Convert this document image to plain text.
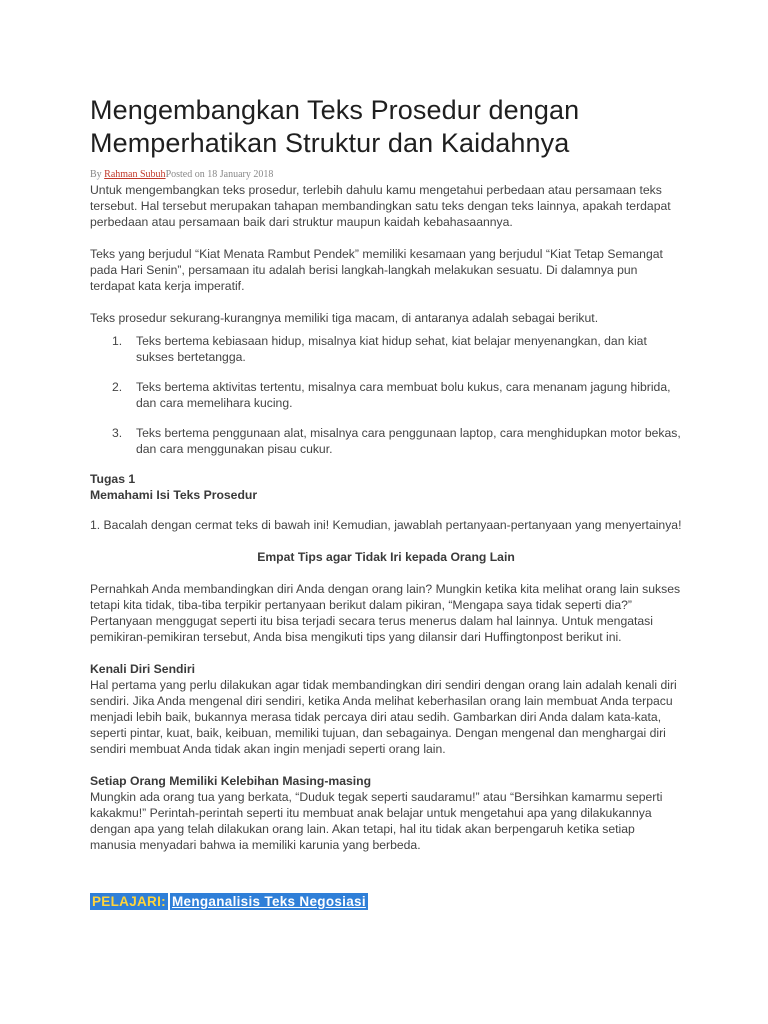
Mengembangkan Teks Prosedur dengan Memperhatikan Struktur dan Kaidahnya
By Rahman SubuhPosted on 18 January 2018

Untuk mengembangkan teks prosedur, terlebih dahulu kamu mengetahui perbedaan atau persamaan teks tersebut. Hal tersebut merupakan tahapan membandingkan satu teks dengan teks lainnya, apakah terdapat perbedaan atau persamaan baik dari struktur maupun kaidah kebahasaannya.

Teks yang berjudul “Kiat Menata Rambut Pendek” memiliki kesamaan yang berjudul “Kiat Tetap Semangat pada Hari Senin”, persamaan itu adalah berisi langkah-langkah melakukan sesuatu. Di dalamnya pun terdapat kata kerja imperatif.

Teks prosedur sekurang-kurangnya memiliki tiga macam, di antaranya adalah sebagai berikut.

1. Teks bertema kebiasaan hidup, misalnya kiat hidup sehat, kiat belajar menyenangkan, dan kiat sukses bertetangga.
2. Teks bertema aktivitas tertentu, misalnya cara membuat bolu kukus, cara menanam jagung hibrida, dan cara memelihara kucing.
3. Teks bertema penggunaan alat, misalnya cara penggunaan laptop, cara menghidupkan motor bekas, dan cara menggunakan pisau cukur.
Tugas 1
Memahami Isi Teks Prosedur

1. Bacalah dengan cermat teks di bawah ini! Kemudian, jawablah pertanyaan-pertanyaan yang menyertainya!

Empat Tips agar Tidak Iri kepada Orang Lain

Pernahkah Anda membandingkan diri Anda dengan orang lain? Mungkin ketika kita melihat orang lain sukses tetapi kita tidak, tiba-tiba terpikir pertanyaan berikut dalam pikiran, “Mengapa saya tidak seperti dia?” Pertanyaan menggugat seperti itu bisa terjadi secara terus menerus dalam hal lainnya. Untuk mengatasi pemikiran-pemikiran tersebut, Anda bisa mengikuti tips yang dilansir dari Huffingtonpost berikut ini.

Kenali Diri Sendiri

Hal pertama yang perlu dilakukan agar tidak membandingkan diri sendiri dengan orang lain adalah kenali diri sendiri. Jika Anda mengenal diri sendiri, ketika Anda melihat keberhasilan orang lain membuat Anda terpacu menjadi lebih baik, bukannya merasa tidak percaya diri atau sedih. Gambarkan diri Anda dalam kata-kata, seperti pintar, kuat, baik, keibuan, memiliki tujuan, dan sebagainya. Dengan mengenal dan menghargai diri sendiri membuat Anda tidak akan ingin menjadi seperti orang lain.

Setiap Orang Memiliki Kelebihan Masing-masing

Mungkin ada orang tua yang berkata, “Duduk tegak seperti saudaramu!” atau “Bersihkan kamarmu seperti kakakmu!” Perintah-perintah seperti itu membuat anak belajar untuk mengetahui apa yang dilakukannya dengan apa yang telah dilakukan orang lain. Akan tetapi, hal itu tidak akan berpengaruh ketika setiap manusia menyadari bahwa ia memiliki karunia yang berbeda.

PELAJARI: Menganalisis Teks Negosiasi
